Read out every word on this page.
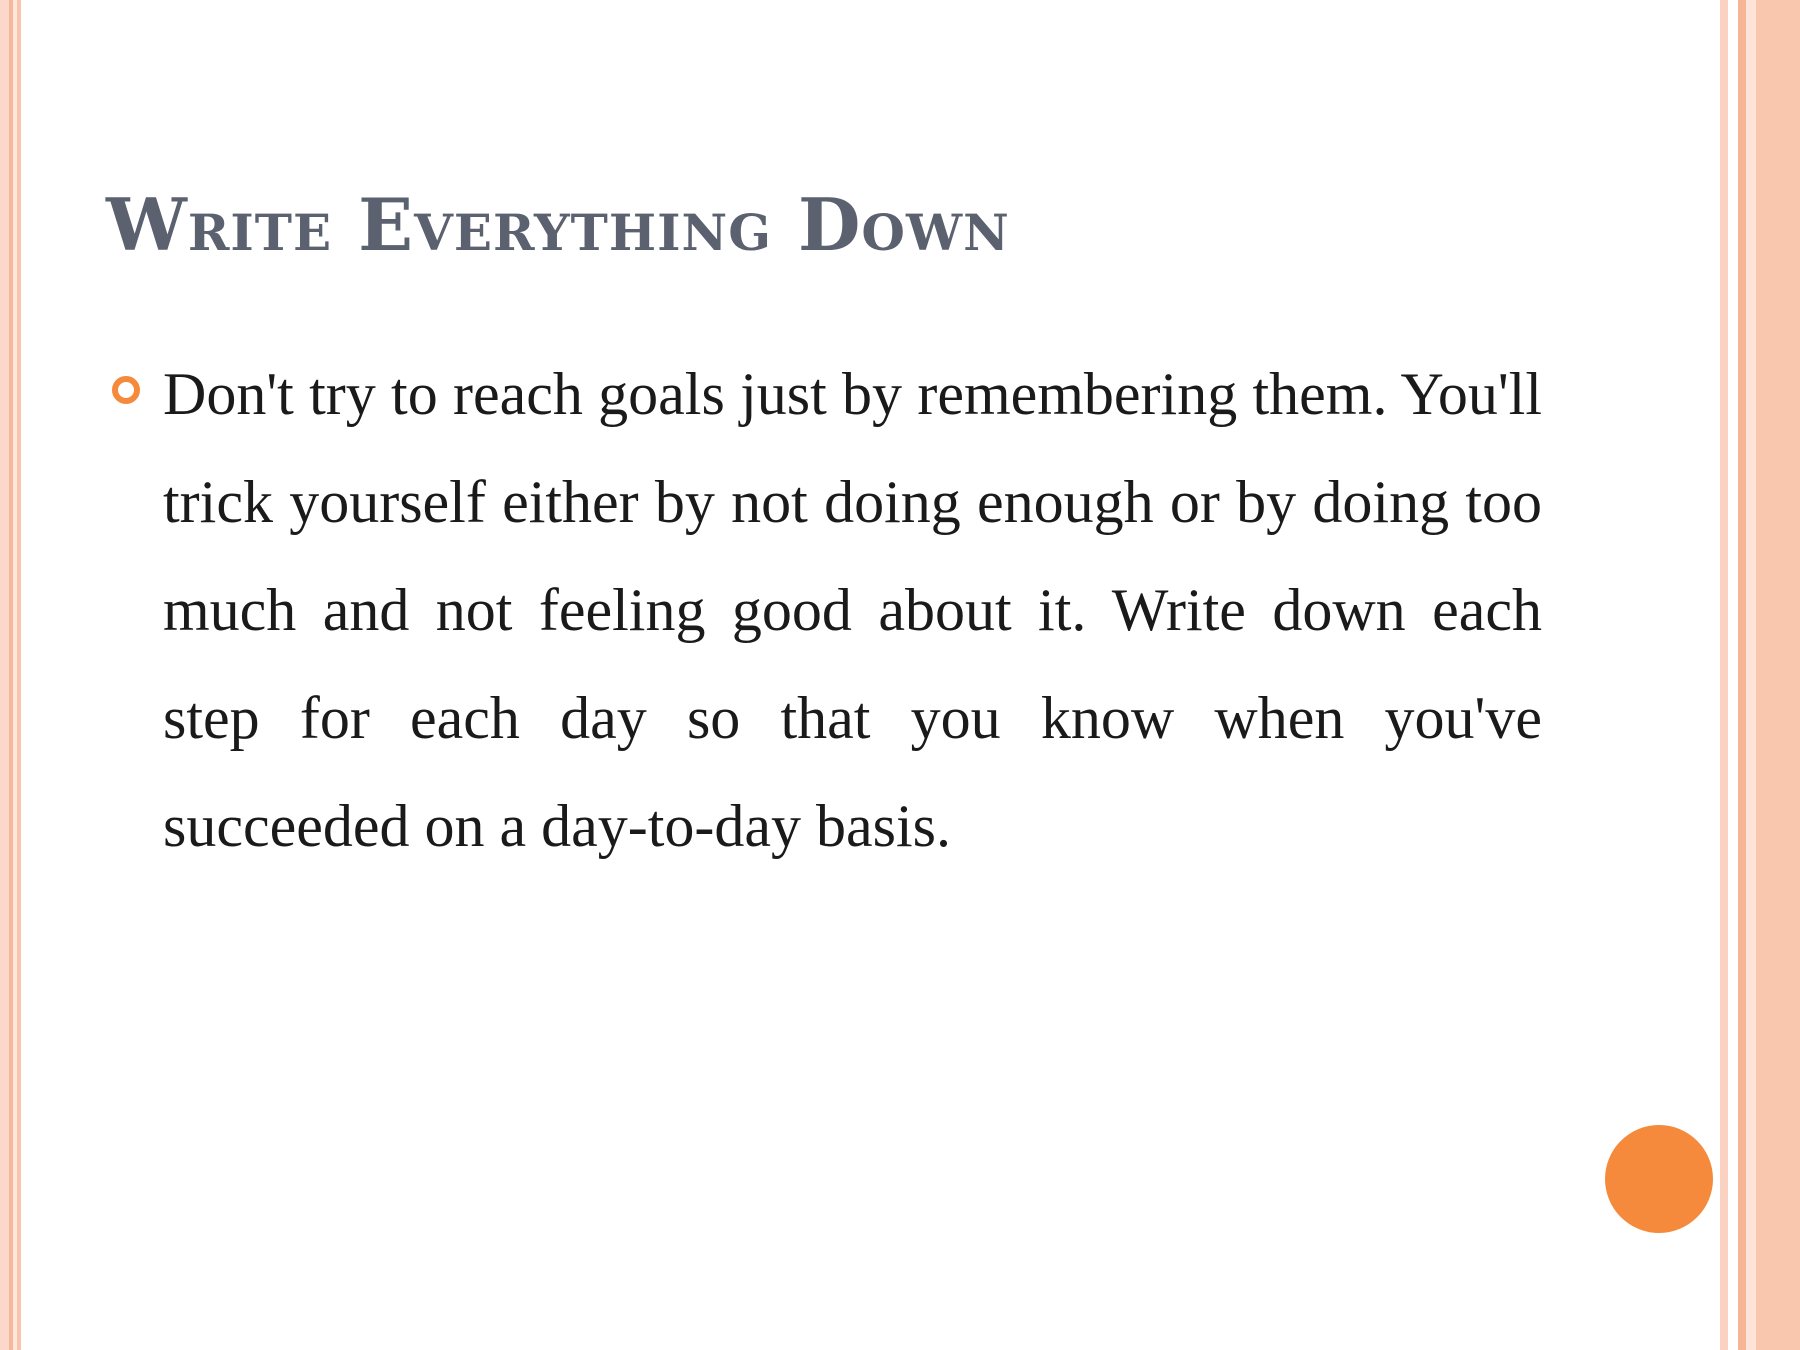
Write Everything Down

Don't try to reach goals just by remembering them. You'll trick yourself either by not doing enough or by doing too much and not feeling good about it. Write down each step for each day so that you know when you've succeeded on a day-to-day basis.
